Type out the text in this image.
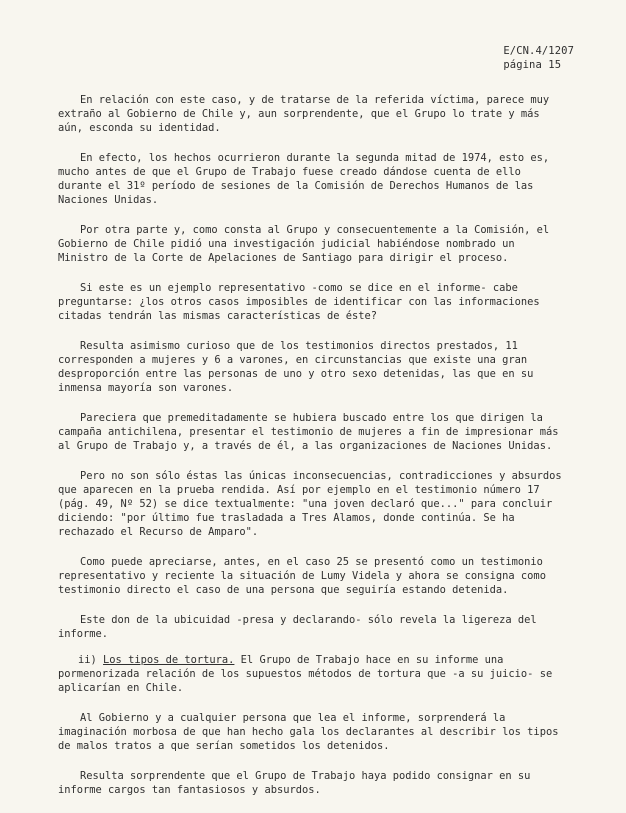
E/CN.4/1207
página 15

En relación con este caso, y de tratarse de la referida víctima, parece muy extraño al Gobierno de Chile y, aun sorprendente, que el Grupo lo trate y más aún, esconda su identidad.

En efecto, los hechos ocurrieron durante la segunda mitad de 1974, esto es, mucho antes de que el Grupo de Trabajo fuese creado dándose cuenta de ello durante el 31º período de sesiones de la Comisión de Derechos Humanos de las Naciones Unidas.

Por otra parte y, como consta al Grupo y consecuentemente a la Comisión, el Gobierno de Chile pidió una investigación judicial habiéndose nombrado un Ministro de la Corte de Apelaciones de Santiago para dirigir el proceso.

Si este es un ejemplo representativo -como se dice en el informe- cabe preguntarse: ¿los otros casos imposibles de identificar con las informaciones citadas tendrán las mismas características de éste?

Resulta asimismo curioso que de los testimonios directos prestados, 11 corresponden a mujeres y 6 a varones, en circunstancias que existe una gran desproporción entre las personas de uno y otro sexo detenidas, las que en su inmensa mayoría son varones.

Pareciera que premeditadamente se hubiera buscado entre los que dirigen la campaña antichilena, presentar el testimonio de mujeres a fin de impresionar más al Grupo de Trabajo y, a través de él, a las organizaciones de Naciones Unidas.

Pero no son sólo éstas las únicas inconsecuencias, contradicciones y absurdos que aparecen en la prueba rendida. Así por ejemplo en el testimonio número 17 (pág. 49, Nº 52) se dice textualmente: "una joven declaró que..." para concluir diciendo: "por último fue trasladada a Tres Alamos, donde continúa. Se ha rechazado el Recurso de Amparo".

Como puede apreciarse, antes, en el caso 25 se presentó como un testimonio representativo y reciente la situación de Lumy Videla y ahora se consigna como testimonio directo el caso de una persona que seguiría estando detenida.

Este don de la ubicuidad -presa y declarando- sólo revela la ligereza del informe.

ii) Los tipos de tortura. El Grupo de Trabajo hace en su informe una pormenorizada relación de los supuestos métodos de tortura que -a su juicio- se aplicarían en Chile.

Al Gobierno y a cualquier persona que lea el informe, sorprenderá la imaginación morbosa de que han hecho gala los declarantes al describir los tipos de malos tratos a que serían sometidos los detenidos.

Resulta sorprendente que el Grupo de Trabajo haya podido consignar en su informe cargos tan fantasiosos y absurdos.
